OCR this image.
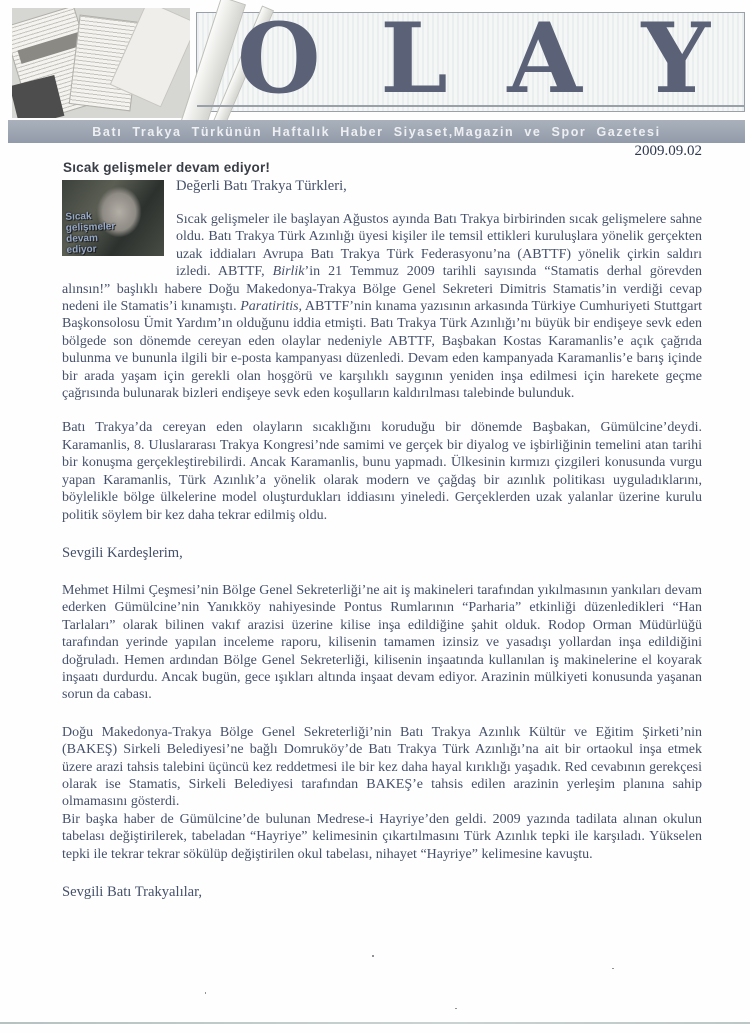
O L A Y
Batı Trakya Türkünün Haftalık Haber Siyaset,Magazin ve Spor Gazetesi
2009.09.02
Sıcak gelişmeler devam ediyor!
Sıcak
gelişmeler
devam
ediyor

Değerli Batı Trakya Türkleri,

Sıcak gelişmeler ile başlayan Ağustos ayında Batı Trakya birbirinden sıcak gelişmelere sahne oldu. Batı Trakya Türk Azınlığı üyesi kişiler ile temsil ettikleri kuruluşlara yönelik gerçekten uzak iddiaları Avrupa Batı Trakya Türk Federasyonu’na (ABTTF) yönelik çirkin saldırı izledi. ABTTF, Birlik’in 21 Temmuz 2009 tarihli sayısında “Stamatis derhal görevden alınsın!” başlıklı habere Doğu Makedonya-Trakya Bölge Genel Sekreteri Dimitris Stamatis’in verdiği cevap nedeni ile Stamatis’i kınamıştı. Paratiritis, ABTTF’nin kınama yazısının arkasında Türkiye Cumhuriyeti Stuttgart Başkonsolosu Ümit Yardım’ın olduğunu iddia etmişti. Batı Trakya Türk Azınlığı’nı büyük bir endişeye sevk eden bölgede son dönemde cereyan eden olaylar nedeniyle ABTTF, Başbakan Kostas Karamanlis’e açık çağrıda bulunma ve bununla ilgili bir e-posta kampanyası düzenledi. Devam eden kampanyada Karamanlis’e barış içinde bir arada yaşam için gerekli olan hoşgörü ve karşılıklı saygının yeniden inşa edilmesi için harekete geçme çağrısında bulunarak bizleri endişeye sevk eden koşulların kaldırılması talebinde bulunduk.

Batı Trakya’da cereyan eden olayların sıcaklığını koruduğu bir dönemde Başbakan, Gümülcine’deydi. Karamanlis, 8. Uluslararası Trakya Kongresi’nde samimi ve gerçek bir diyalog ve işbirliğinin temelini atan tarihi bir konuşma gerçekleştirebilirdi. Ancak Karamanlis, bunu yapmadı. Ülkesinin kırmızı çizgileri konusunda vurgu yapan Karamanlis, Türk Azınlık’a yönelik olarak modern ve çağdaş bir azınlık politikası uyguladıklarını, böylelikle bölge ülkelerine model oluşturdukları iddiasını yineledi. Gerçeklerden uzak yalanlar üzerine kurulu politik söylem bir kez daha tekrar edilmiş oldu.

Sevgili Kardeşlerim,

Mehmet Hilmi Çeşmesi’nin Bölge Genel Sekreterliği’ne ait iş makineleri tarafından yıkılmasının yankıları devam ederken Gümülcine’nin Yanıkköy nahiyesinde Pontus Rumlarının “Parharia” etkinliği düzenledikleri “Han Tarlaları” olarak bilinen vakıf arazisi üzerine kilise inşa edildiğine şahit olduk. Rodop Orman Müdürlüğü tarafından yerinde yapılan inceleme raporu, kilisenin tamamen izinsiz ve yasadışı yollardan inşa edildiğini doğruladı. Hemen ardından Bölge Genel Sekreterliği, kilisenin inşaatında kullanılan iş makinelerine el koyarak inşaatı durdurdu. Ancak bugün, gece ışıkları altında inşaat devam ediyor. Arazinin mülkiyeti konusunda yaşanan sorun da cabası.

Doğu Makedonya-Trakya Bölge Genel Sekreterliği’nin Batı Trakya Azınlık Kültür ve Eğitim Şirketi’nin (BAKEŞ) Sirkeli Belediyesi’ne bağlı Domruköy’de Batı Trakya Türk Azınlığı’na ait bir ortaokul inşa etmek üzere arazi tahsis talebini üçüncü kez reddetmesi ile bir kez daha hayal kırıklığı yaşadık. Red cevabının gerekçesi olarak ise Stamatis, Sirkeli Belediyesi tarafından BAKEŞ’e tahsis edilen arazinin yerleşim planına sahip olmamasını gösterdi.

Bir başka haber de Gümülcine’de bulunan Medrese-i Hayriye’den geldi. 2009 yazında tadilata alınan okulun tabelası değiştirilerek, tabeladan “Hayriye” kelimesinin çıkartılmasını Türk Azınlık tepki ile karşıladı. Yükselen tepki ile tekrar tekrar sökülüp değiştirilen okul tabelası, nihayet “Hayriye” kelimesine kavuştu.

Sevgili Batı Trakyalılar,
